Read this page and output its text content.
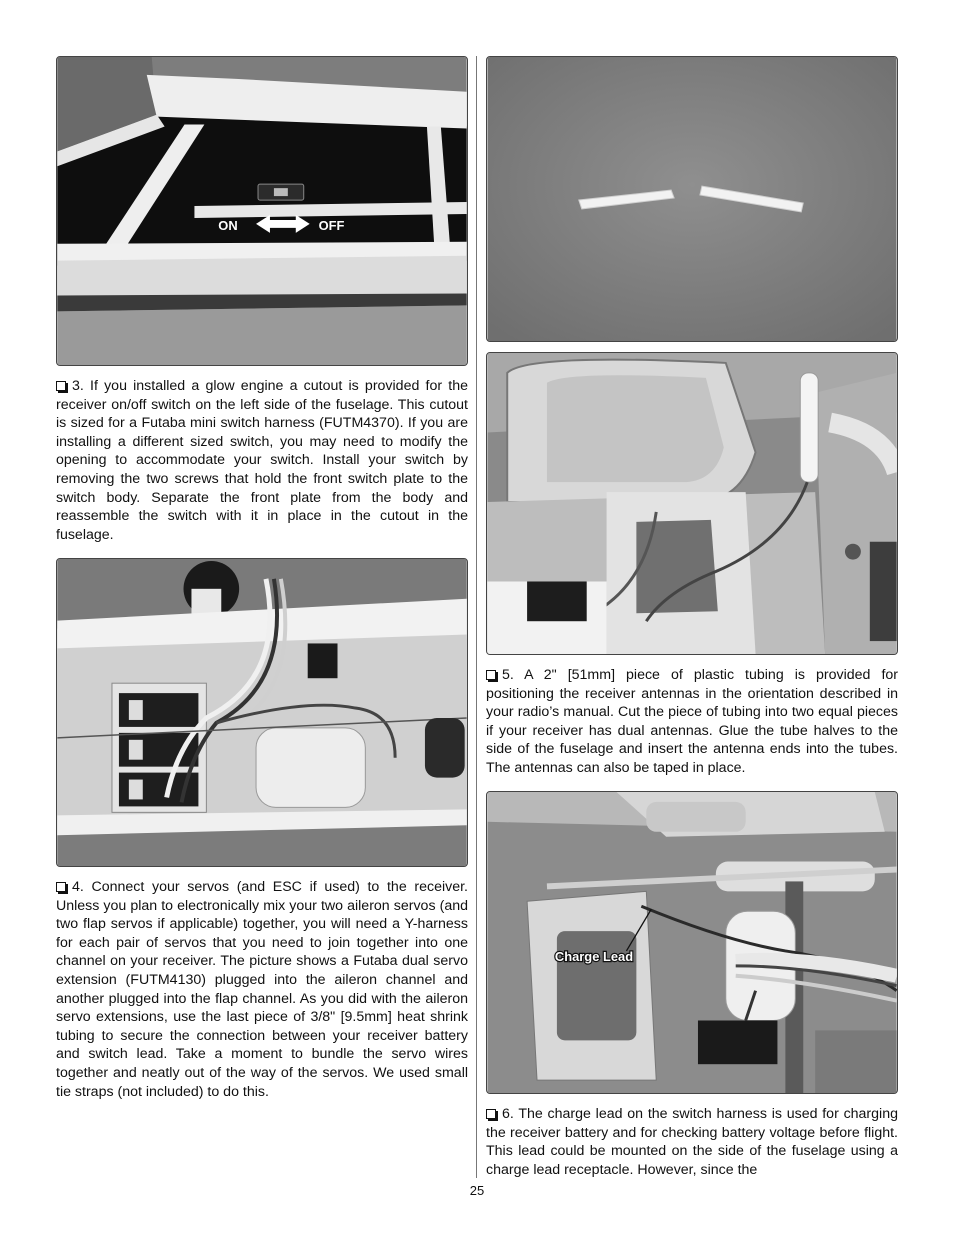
ON	OFF

3. If you installed a glow engine a cutout is provided for the receiver on/off switch on the left side of the fuselage. This cutout is sized for a Futaba mini switch harness (FUTM4370). If you are installing a different sized switch, you may need to modify the opening to accommodate your switch. Install your switch by removing the two screws that hold the front switch plate to the switch body. Separate the front plate from the body and reassemble the switch with it in place in the cutout in the fuselage.

5. A 2" [51mm] piece of plastic tubing is provided for positioning the receiver antennas in the orientation described in your radio’s manual. Cut the piece of tubing into two equal pieces if your receiver has dual antennas. Glue the tube halves to the side of the fuselage and insert the antenna ends into the tubes. The antennas can also be taped in place.

Charge Lead

4. Connect your servos (and ESC if used) to the receiver. Unless you plan to electronically mix your two aileron servos (and two flap servos if applicable) together, you will need a Y-harness for each pair of servos that you need to join together into one channel on your receiver. The picture shows a Futaba dual servo extension (FUTM4130) plugged into the aileron channel and another plugged into the flap channel. As you did with the aileron servo extensions, use the last piece of 3/8" [9.5mm] heat shrink tubing to secure the connection between your receiver battery and switch lead. Take a moment to bundle the servo wires together and neatly out of the way of the servos. We used small tie straps (not included) to do this.

6. The charge lead on the switch harness is used for charging the receiver battery and for checking battery voltage before flight. This lead could be mounted on the side of the fuselage using a charge lead receptacle. However, since the

25
